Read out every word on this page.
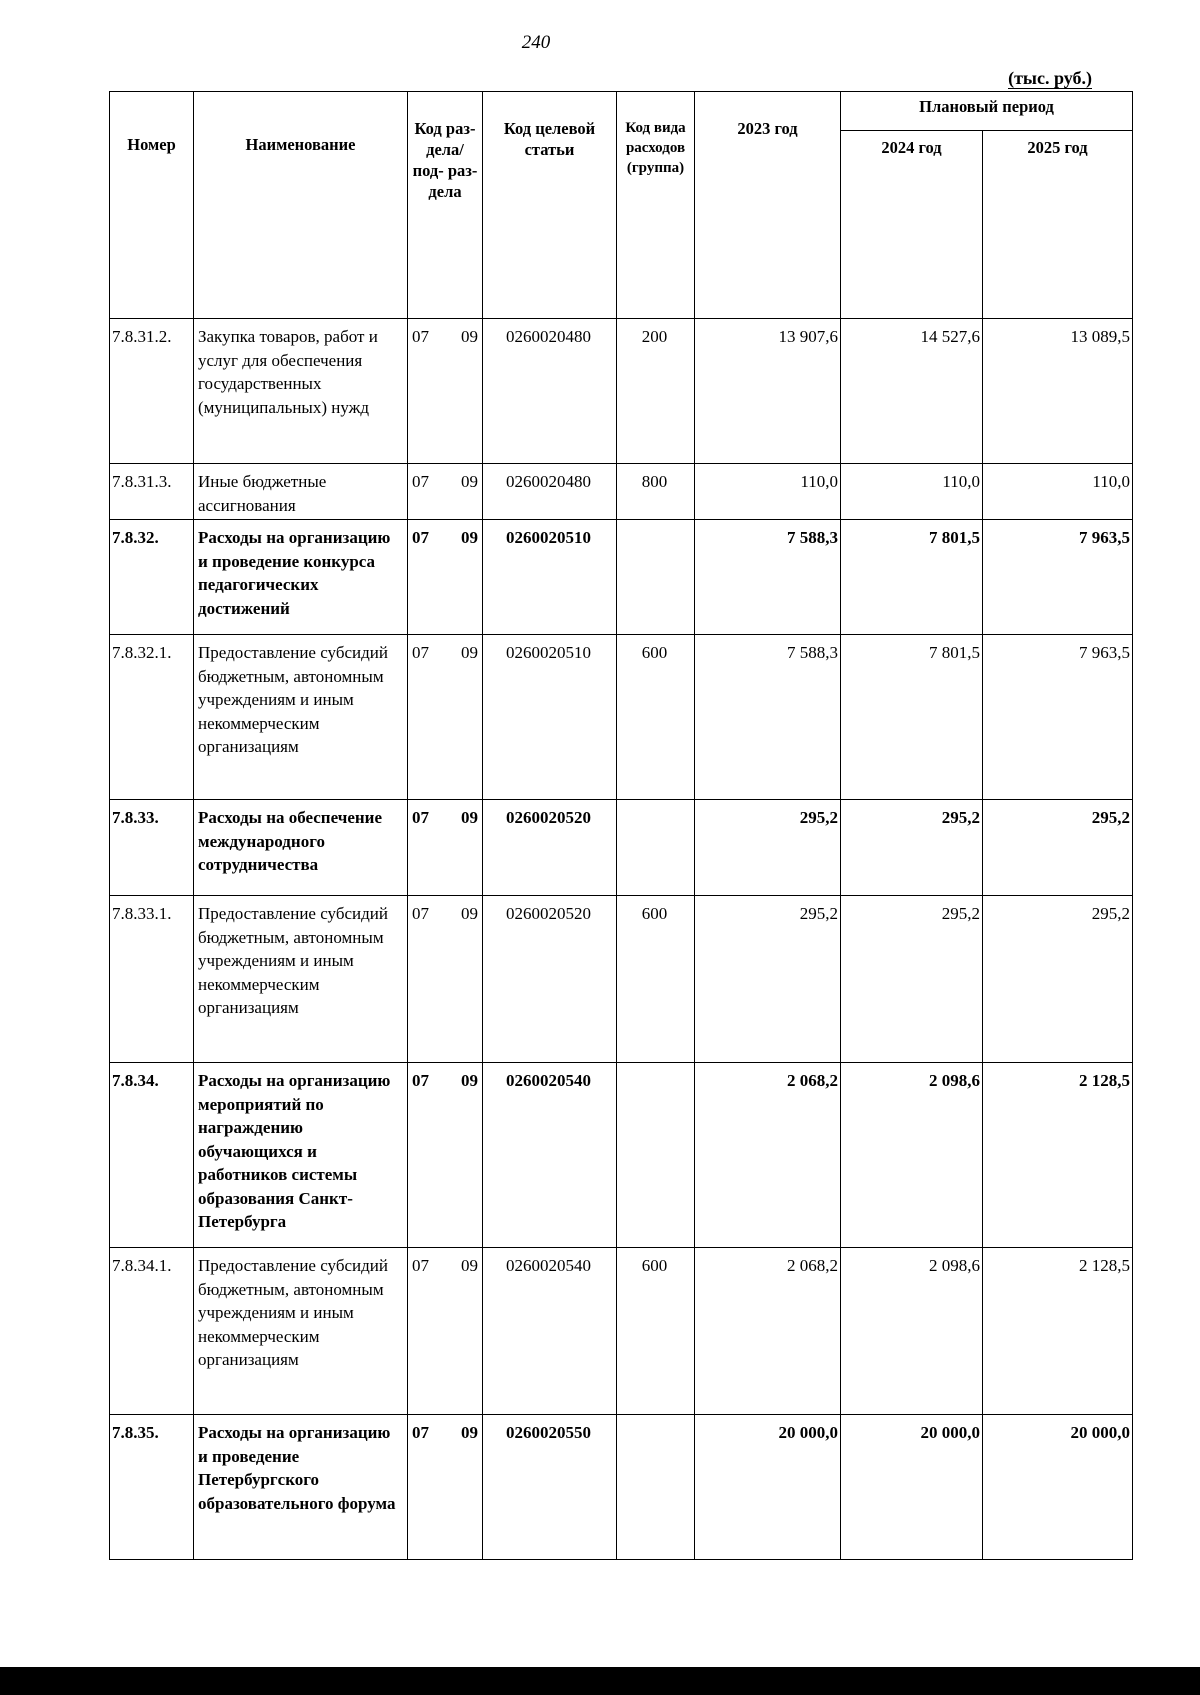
240
(тыс. руб.)
Номер	Наименование	Код раз- дела/ под- раз- дела	Код целевой статьи	Код вида расходов (группа)	2023 год	Плановый период	
						2024 год	2025 год
7.8.31.2.	Закупка товаров, работ и услуг для обеспечения государственных (муниципальных) нужд	07 09	0260020480	200	13 907,6	14 527,6	13 089,5
7.8.31.3.	Иные бюджетные ассигнования	07 09	0260020480	800	110,0	110,0	110,0
7.8.32.	Расходы на организацию и проведение конкурса педагогических достижений	07 09	0260020510		7 588,3	7 801,5	7 963,5
7.8.32.1.	Предоставление субсидий бюджетным, автономным учреждениям и иным некоммерческим организациям	07 09	0260020510	600	7 588,3	7 801,5	7 963,5
7.8.33.	Расходы на обеспечение международного сотрудничества	07 09	0260020520		295,2	295,2	295,2
7.8.33.1.	Предоставление субсидий бюджетным, автономным учреждениям и иным некоммерческим организациям	07 09	0260020520	600	295,2	295,2	295,2
7.8.34.	Расходы на организацию мероприятий по награждению обучающихся и работников системы образования Санкт-Петербурга	07 09	0260020540		2 068,2	2 098,6	2 128,5
7.8.34.1.	Предоставление субсидий бюджетным, автономным учреждениям и иным некоммерческим организациям	07 09	0260020540	600	2 068,2	2 098,6	2 128,5
7.8.35.	Расходы на организацию и проведение Петербургского образовательного форума	07 09	0260020550		20 000,0	20 000,0	20 000,0
